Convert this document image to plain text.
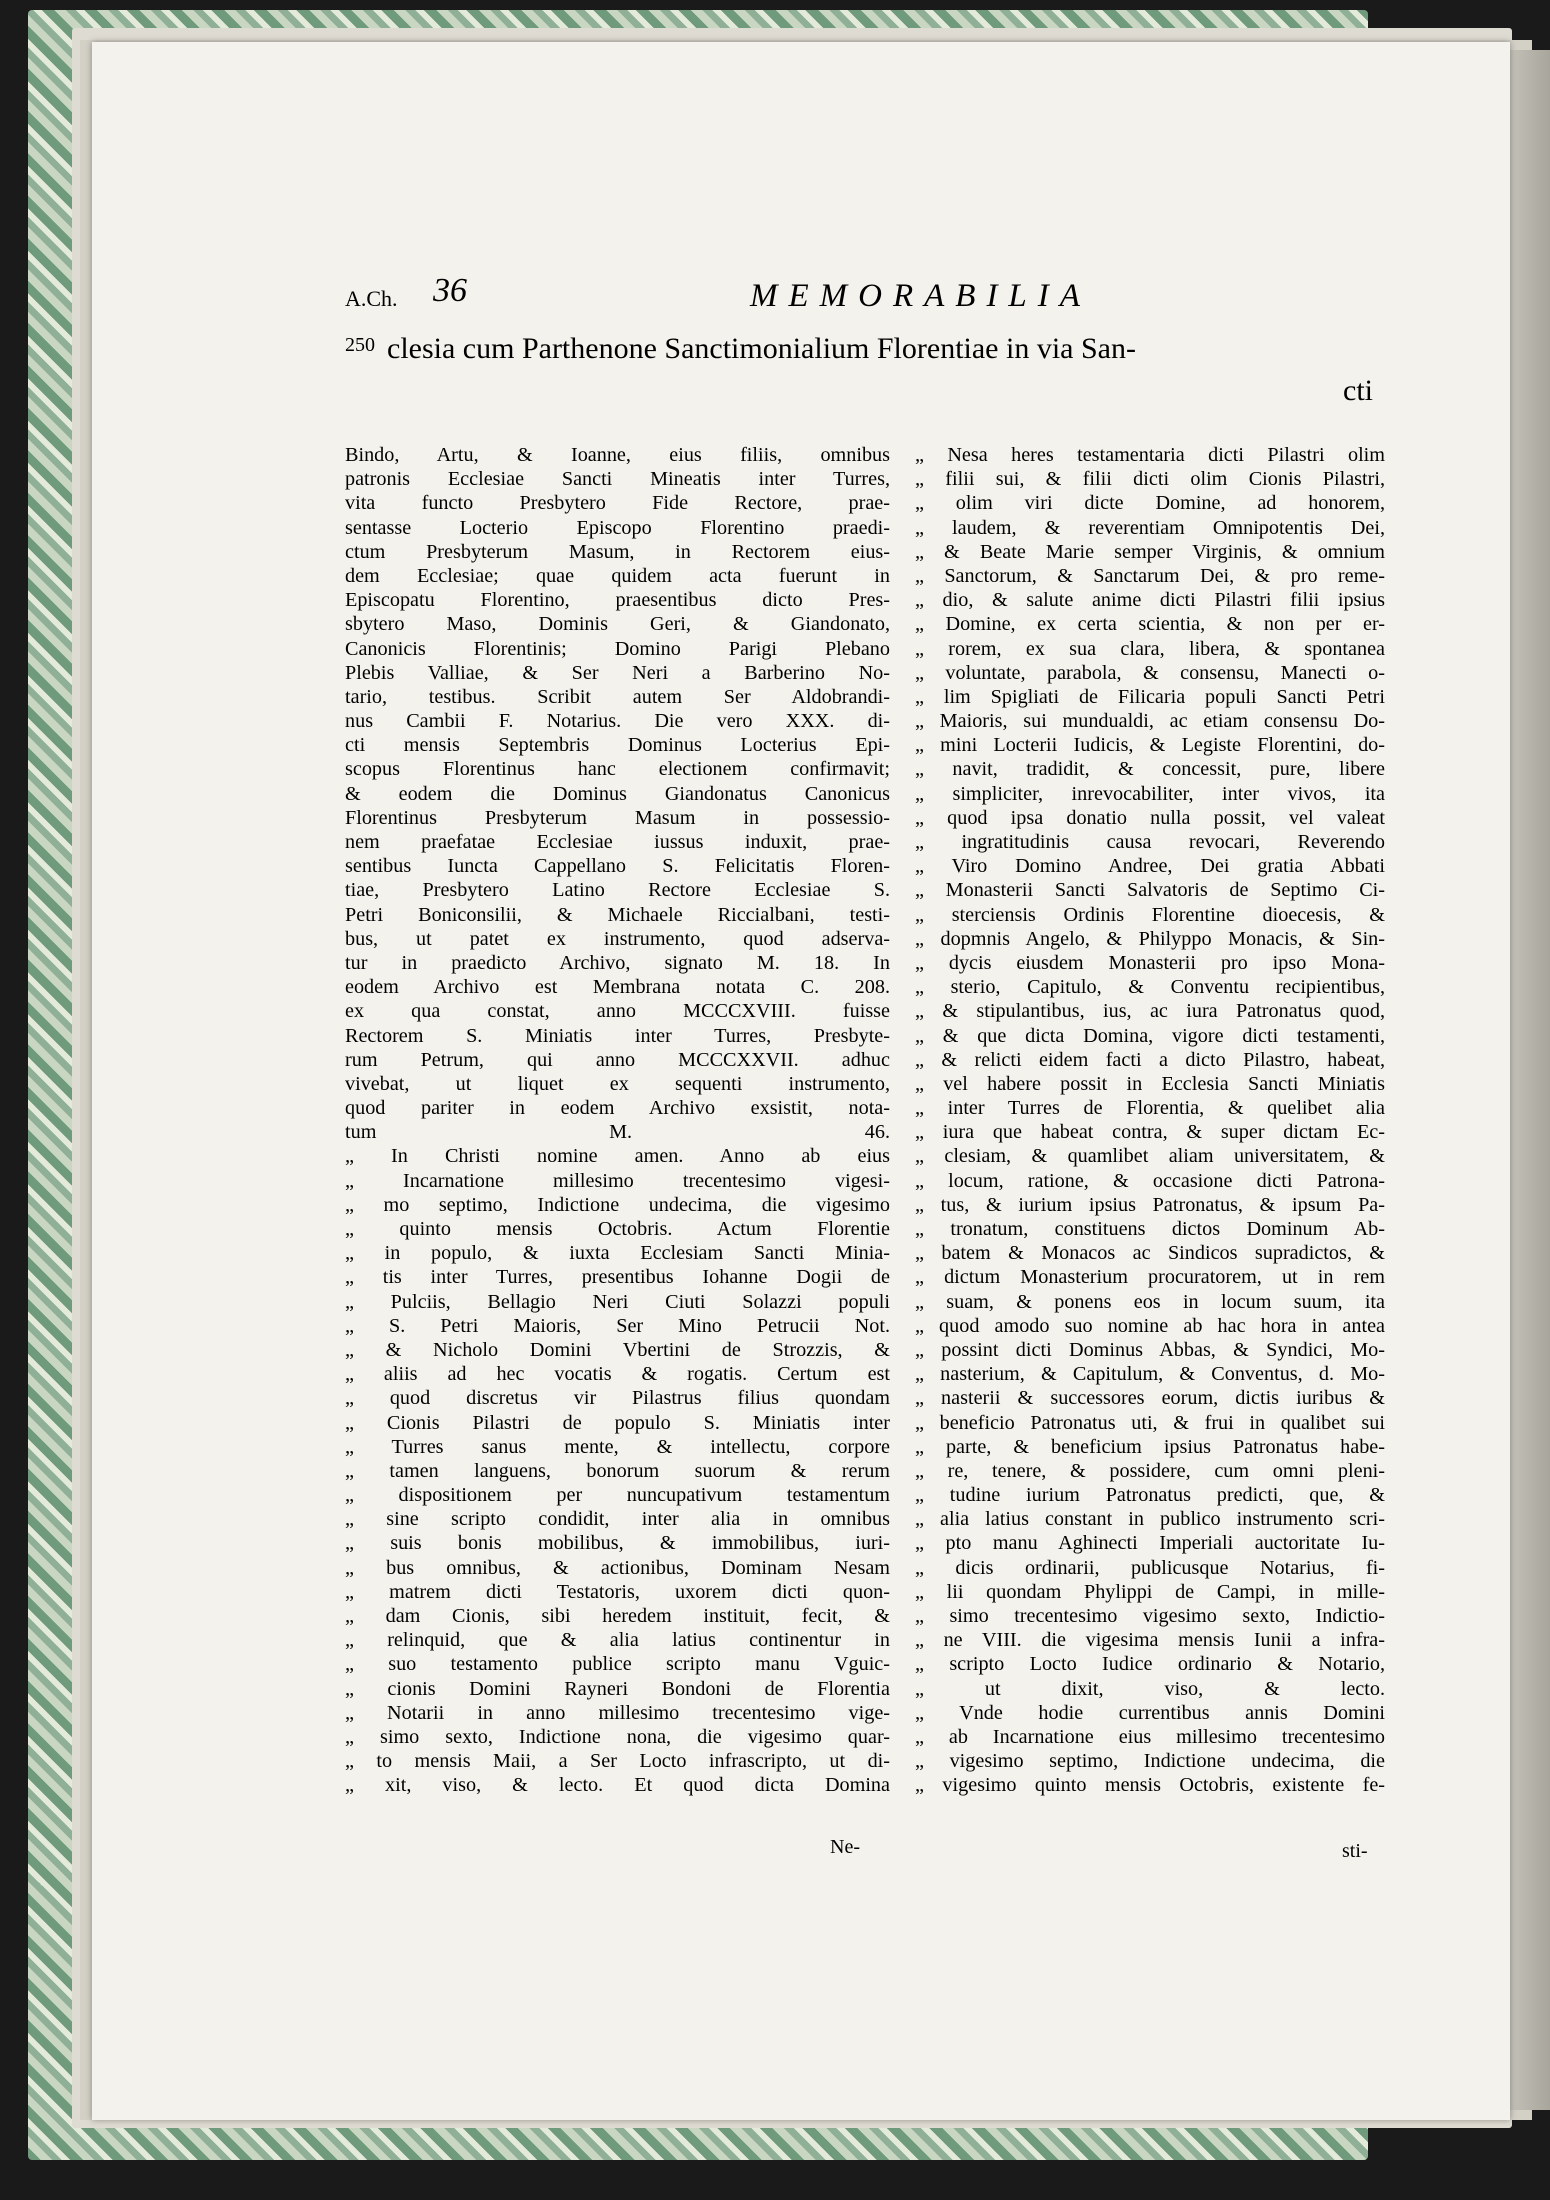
A.Ch. 36	MEMORABILIA
250 clesia cum Parthenone Sanctimonialium Florentiae in via San-
cti
Bindo, Artu, & Ioanne, eius filiis, omnibus
patronis Ecclesiae Sancti Mineatis inter Turres,
vita functo Presbytero Fide Rectore, prae-
sentasse Locterio Episcopo Florentino praedi-
ctum Presbyterum Masum, in Rectorem eius-
dem Ecclesiae; quae quidem acta fuerunt in
Episcopatu Florentino, praesentibus dicto Pres-
sbytero Maso, Dominis Geri, & Giandonato,
Canonicis Florentinis; Domino Parigi Plebano
Plebis Valliae, & Ser Neri a Barberino No-
tario, testibus. Scribit autem Ser Aldobrandi-
nus Cambii F. Notarius. Die vero XXX. di-
cti mensis Septembris Dominus Locterius Epi-
scopus Florentinus hanc electionem confirmavit;
& eodem die Dominus Giandonatus Canonicus
Florentinus Presbyterum Masum in possessio-
nem praefatae Ecclesiae iussus induxit, prae-
sentibus Iuncta Cappellano S. Felicitatis Floren-
tiae, Presbytero Latino Rectore Ecclesiae S.
Petri Boniconsilii, & Michaele Riccialbani, testi-
bus, ut patet ex instrumento, quod adserva-
tur in praedicto Archivo, signato M. 18. In
eodem Archivo est Membrana notata C. 208.
ex qua constat, anno MCCCXVIII. fuisse
Rectorem S. Miniatis inter Turres, Presbyte-
rum Petrum, qui anno MCCCXXVII. adhuc
vivebat, ut liquet ex sequenti instrumento,
quod pariter in eodem Archivo exsistit, nota-
tum M. 46.
„ In Christi nomine amen. Anno ab eius
„ Incarnatione millesimo trecentesimo vigesi-
„ mo septimo, Indictione undecima, die vigesimo
„ quinto mensis Octobris. Actum Florentie
„ in populo, & iuxta Ecclesiam Sancti Minia-
„ tis inter Turres, presentibus Iohanne Dogii de
„ Pulciis, Bellagio Neri Ciuti Solazzi populi
„ S. Petri Maioris, Ser Mino Petrucii Not.
„ & Nicholo Domini Vbertini de Strozzis, &
„ aliis ad hec vocatis & rogatis. Certum est
„ quod discretus vir Pilastrus filius quondam
„ Cionis Pilastri de populo S. Miniatis inter
„ Turres sanus mente, & intellectu, corpore
„ tamen languens, bonorum suorum & rerum
„ dispositionem per nuncupativum testamentum
„ sine scripto condidit, inter alia in omnibus
„ suis bonis mobilibus, & immobilibus, iuri-
„ bus omnibus, & actionibus, Dominam Nesam
„ matrem dicti Testatoris, uxorem dicti quon-
„ dam Cionis, sibi heredem instituit, fecit, &
„ relinquid, que & alia latius continentur in
„ suo testamento publice scripto manu Vguic-
„ cionis Domini Rayneri Bondoni de Florentia
„ Notarii in anno millesimo trecentesimo vige-
„ simo sexto, Indictione nona, die vigesimo quar-
„ to mensis Maii, a Ser Locto infrascripto, ut di-
„ xit, viso, & lecto. Et quod dicta Domina
Ne-
„ Nesa heres testamentaria dicti Pilastri olim
„ filii sui, & filii dicti olim Cionis Pilastri,
„ olim viri dicte Domine, ad honorem,
„ laudem, & reverentiam Omnipotentis Dei,
„ & Beate Marie semper Virginis, & omnium
„ Sanctorum, & Sanctarum Dei, & pro reme-
„ dio, & salute anime dicti Pilastri filii ipsius
„ Domine, ex certa scientia, & non per er-
„ rorem, ex sua clara, libera, & spontanea
„ voluntate, parabola, & consensu, Manecti o-
„ lim Spigliati de Filicaria populi Sancti Petri
„ Maioris, sui mundualdi, ac etiam consensu Do-
„ mini Locterii Iudicis, & Legiste Florentini, do-
„ navit, tradidit, & concessit, pure, libere
„ simpliciter, inrevocabiliter, inter vivos, ita
„ quod ipsa donatio nulla possit, vel valeat
„ ingratitudinis causa revocari, Reverendo
„ Viro Domino Andree, Dei gratia Abbati
„ Monasterii Sancti Salvatoris de Septimo Ci-
„ sterciensis Ordinis Florentine dioecesis, &
„ dopmnis Angelo, & Philyppo Monacis, & Sin-
„ dycis eiusdem Monasterii pro ipso Mona-
„ sterio, Capitulo, & Conventu recipientibus,
„ & stipulantibus, ius, ac iura Patronatus quod,
„ & que dicta Domina, vigore dicti testamenti,
„ & relicti eidem facti a dicto Pilastro, habeat,
„ vel habere possit in Ecclesia Sancti Miniatis
„ inter Turres de Florentia, & quelibet alia
„ iura que habeat contra, & super dictam Ec-
„ clesiam, & quamlibet aliam universitatem, &
„ locum, ratione, & occasione dicti Patrona-
„ tus, & iurium ipsius Patronatus, & ipsum Pa-
„ tronatum, constituens dictos Dominum Ab-
„ batem & Monacos ac Sindicos supradictos, &
„ dictum Monasterium procuratorem, ut in rem
„ suam, & ponens eos in locum suum, ita
„ quod amodo suo nomine ab hac hora in antea
„ possint dicti Dominus Abbas, & Syndici, Mo-
„ nasterium, & Capitulum, & Conventus, d. Mo-
„ nasterii & successores eorum, dictis iuribus &
„ beneficio Patronatus uti, & frui in qualibet sui
„ parte, & beneficium ipsius Patronatus habe-
„ re, tenere, & possidere, cum omni pleni-
„ tudine iurium Patronatus predicti, que, &
„ alia latius constant in publico instrumento scri-
„ pto manu Aghinecti Imperiali auctoritate Iu-
„ dicis ordinarii, publicusque Notarius, fi-
„ lii quondam Phylippi de Campi, in mille-
„ simo trecentesimo vigesimo sexto, Indictio-
„ ne VIII. die vigesima mensis Iunii a infra-
„ scripto Locto Iudice ordinario & Notario,
„ ut dixit, viso, & lecto.
„ Vnde hodie currentibus annis Domini
„ ab Incarnatione eius millesimo trecentesimo
„ vigesimo septimo, Indictione undecima, die
„ vigesimo quinto mensis Octobris, existente fe-
sti-
